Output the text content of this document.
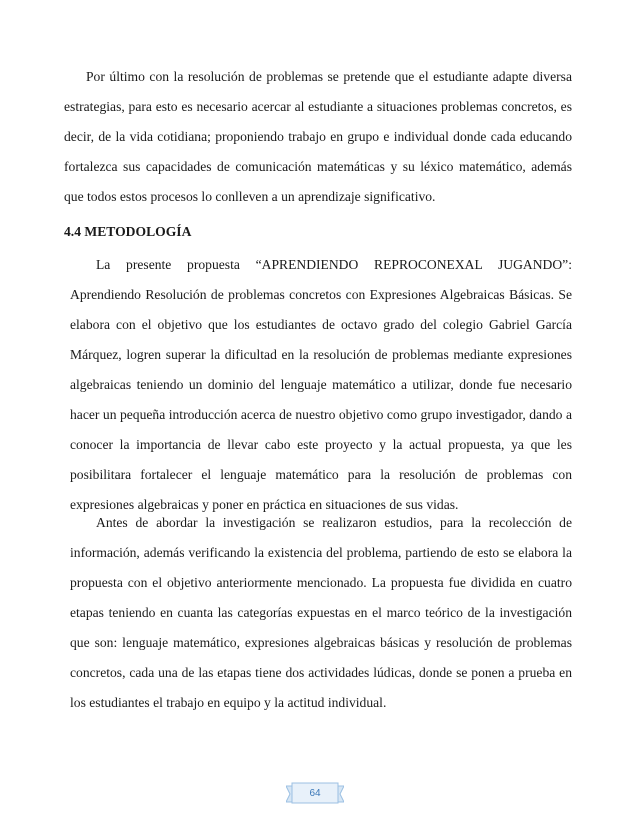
Por último con la resolución de problemas se pretende que el estudiante adapte diversa estrategias, para esto es necesario acercar al estudiante a situaciones problemas concretos, es decir, de la vida cotidiana; proponiendo trabajo en grupo e individual donde cada educando fortalezca sus capacidades de comunicación matemáticas y su léxico matemático, además que todos estos procesos lo conlleven a un aprendizaje significativo.

4.4 METODOLOGÍA

La presente propuesta “APRENDIENDO REPROCONEXAL JUGANDO”: Aprendiendo Resolución de problemas concretos con Expresiones Algebraicas Básicas. Se elabora con el objetivo que los estudiantes de octavo grado del colegio Gabriel García Márquez, logren superar la dificultad en la resolución de problemas mediante expresiones algebraicas teniendo un dominio del lenguaje matemático a utilizar, donde fue necesario hacer un pequeña introducción acerca de nuestro objetivo como grupo investigador, dando a conocer la importancia de llevar cabo este proyecto y la actual propuesta, ya que les posibilitara fortalecer el lenguaje matemático para la resolución de problemas con expresiones algebraicas y poner en práctica en situaciones de sus vidas.

Antes de abordar la investigación se realizaron estudios, para la recolección de información, además verificando la existencia del problema, partiendo de esto se elabora la propuesta con el objetivo anteriormente mencionado. La propuesta fue dividida en cuatro etapas teniendo en cuanta las categorías expuestas en el marco teórico de la investigación que son: lenguaje matemático, expresiones algebraicas básicas y resolución de problemas concretos, cada una de las etapas tiene dos actividades lúdicas, donde se ponen a prueba en los estudiantes el trabajo en equipo y la actitud individual.

64
